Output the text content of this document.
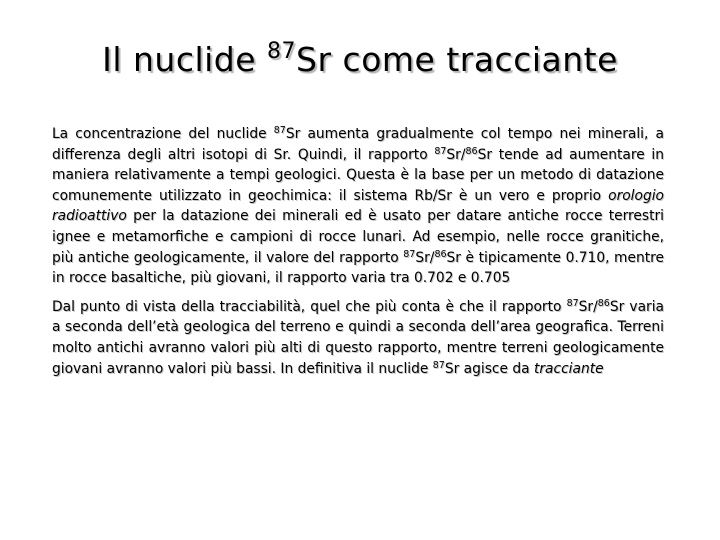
Il nuclide $^{87}$Sr come tracciante

La concentrazione del nuclide $^{87}$Sr aumenta gradualmente col tempo nei minerali, a differenza degli altri isotopi di Sr. Quindi, il rapporto $^{87}$Sr/$^{86}$Sr tende ad aumentare in maniera relativamente a tempi geologici. Questa è la base per un metodo di datazione comunemente utilizzato in geochimica: il sistema Rb/Sr è un vero e proprio orologio radioattivo per la datazione dei minerali ed è usato per datare antiche rocce terrestri ignee e metamorfiche e campioni di rocce lunari. Ad esempio, nelle rocce granitiche, più antiche geologicamente, il valore del rapporto $^{87}$Sr/$^{86}$Sr è tipicamente 0.710, mentre in rocce basaltiche, più giovani, il rapporto varia tra 0.702 e 0.705

Dal punto di vista della tracciabilità, quel che più conta è che il rapporto $^{87}$Sr/$^{86}$Sr varia a seconda dell’età geologica del terreno e quindi a seconda dell’area geografica. Terreni molto antichi avranno valori più alti di questo rapporto, mentre terreni geologicamente giovani avranno valori più bassi. In definitiva il nuclide $^{87}$Sr agisce da tracciante
